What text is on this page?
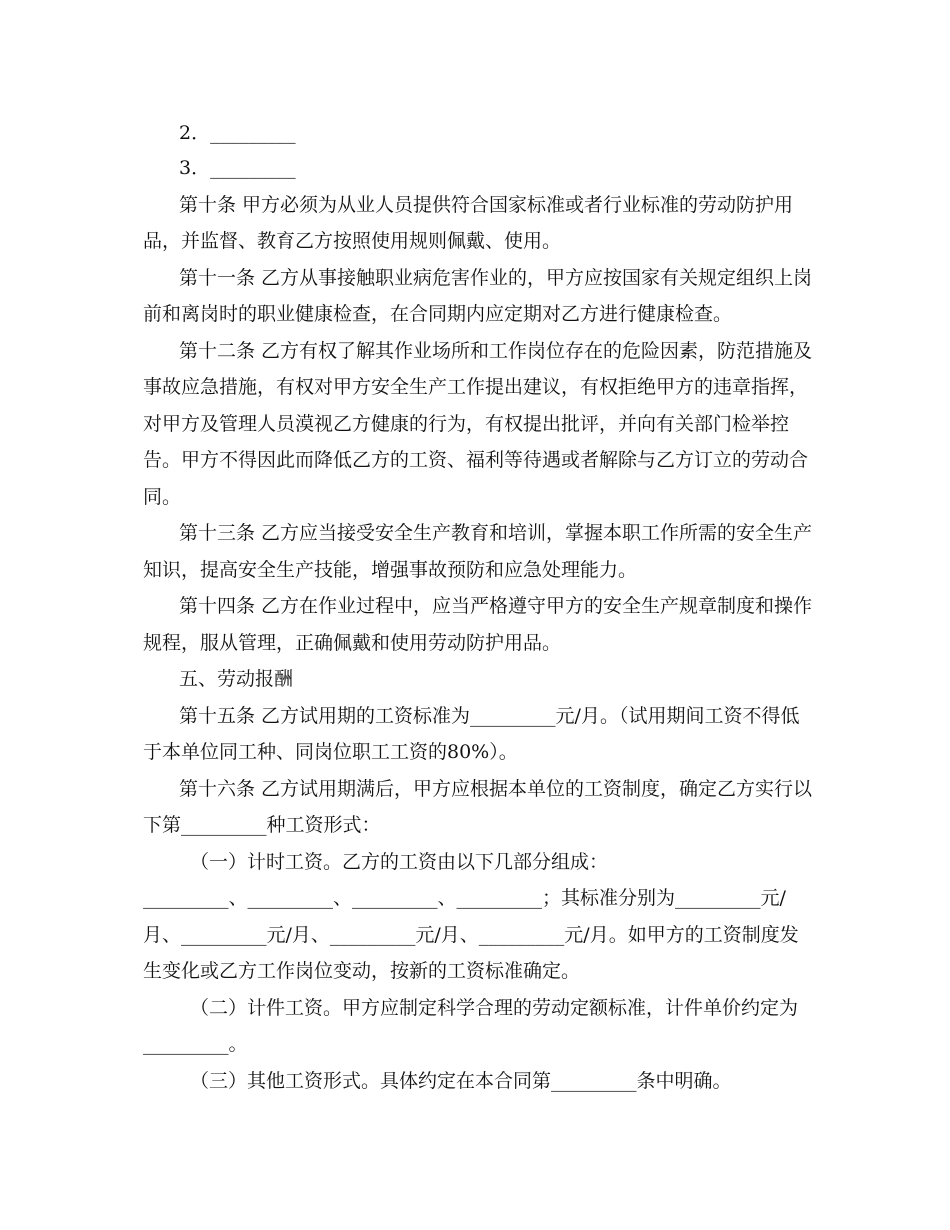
2．_________
3．_________
第十条 甲方必须为从业人员提供符合国家标准或者行业标准的劳动防护用
品，并监督、教育乙方按照使用规则佩戴、使用。
第十一条 乙方从事接触职业病危害作业的，甲方应按国家有关规定组织上岗
前和离岗时的职业健康检查，在合同期内应定期对乙方进行健康检查。
第十二条 乙方有权了解其作业场所和工作岗位存在的危险因素，防范措施及
事故应急措施，有权对甲方安全生产工作提出建议，有权拒绝甲方的违章指挥，
对甲方及管理人员漠视乙方健康的行为，有权提出批评，并向有关部门检举控
告。甲方不得因此而降低乙方的工资、福利等待遇或者解除与乙方订立的劳动合
同。
第十三条 乙方应当接受安全生产教育和培训，掌握本职工作所需的安全生产
知识，提高安全生产技能，增强事故预防和应急处理能力。
第十四条 乙方在作业过程中，应当严格遵守甲方的安全生产规章制度和操作
规程，服从管理，正确佩戴和使用劳动防护用品。
五、劳动报酬
第十五条 乙方试用期的工资标准为_________元/月。（试用期间工资不得低
于本单位同工种、同岗位职工工资的80%）。
第十六条 乙方试用期满后，甲方应根据本单位的工资制度，确定乙方实行以
下第_________种工资形式：
（一）计时工资。乙方的工资由以下几部分组成：
_________、_________、_________、_________；其标准分别为_________元/
月、_________元/月、_________元/月、_________元/月。如甲方的工资制度发
生变化或乙方工作岗位变动，按新的工资标准确定。
（二）计件工资。甲方应制定科学合理的劳动定额标准，计件单价约定为
_________。
（三）其他工资形式。具体约定在本合同第_________条中明确。
